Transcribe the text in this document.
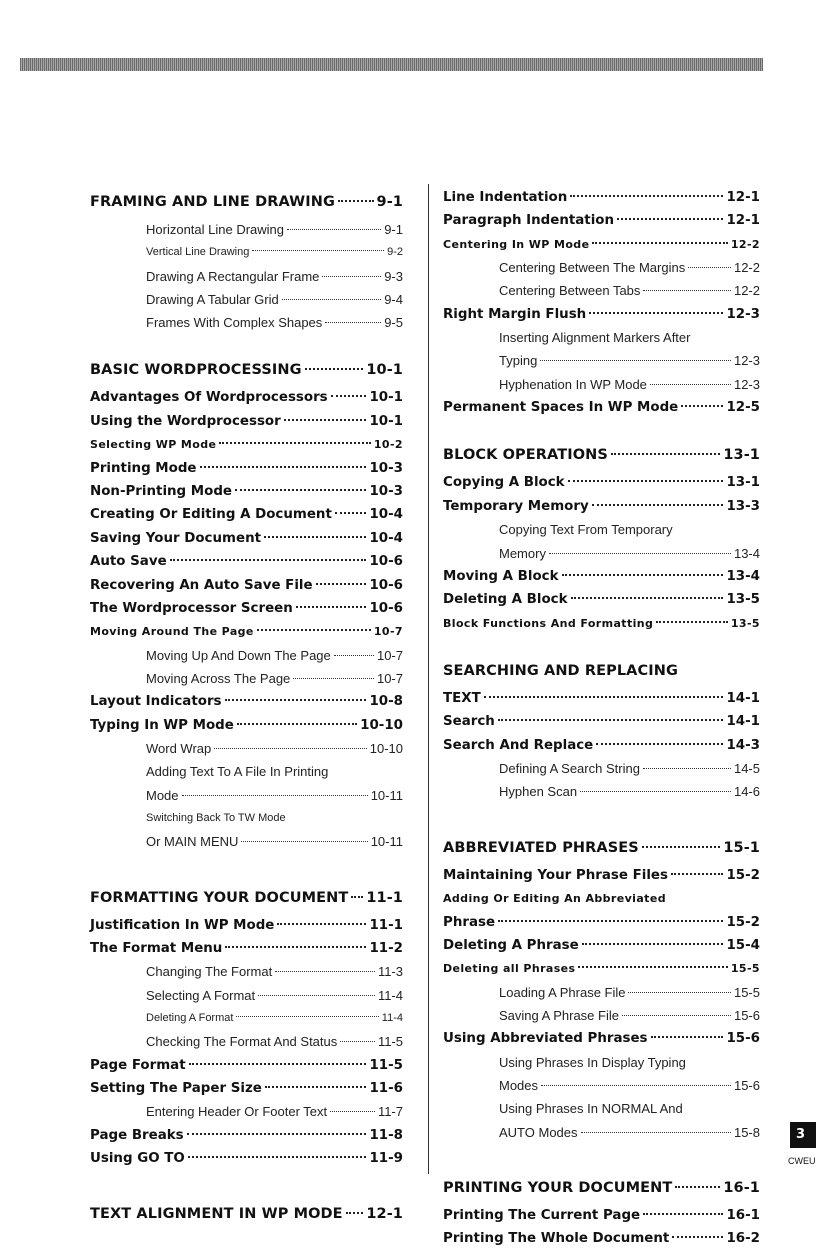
FRAMING AND LINE DRAWING	9-1
Horizontal Line Drawing	9-1
Vertical Line Drawing	9-2
Drawing A Rectangular Frame	9-3
Drawing A Tabular Grid	9-4
Frames With Complex Shapes	9-5
BASIC WORDPROCESSING	10-1
Advantages Of Wordprocessors	10-1
Using the Wordprocessor	10-1
Selecting WP Mode	10-2
Printing Mode	10-3
Non-Printing Mode	10-3
Creating Or Editing A Document	10-4
Saving Your Document	10-4
Auto Save	10-6
Recovering An Auto Save File	10-6
The Wordprocessor Screen	10-6
Moving Around The Page	10-7
Moving Up And Down The Page	10-7
Moving Across The Page	10-7
Layout Indicators	10-8
Typing In WP Mode	10-10
Word Wrap	10-10
Adding Text To A File In Printing
Mode	10-11
Switching Back To TW Mode
Or MAIN MENU	10-11
FORMATTING YOUR DOCUMENT 11-1
Justification In WP Mode	11-1
The Format Menu	11-2
Changing The Format	11-3
Selecting A Format	11-4
Deleting A Format	11-4
Checking The Format And Status	11-5
Page Format	11-5
Setting The Paper Size	11-6
Entering Header Or Footer Text	11-7
Page Breaks	11-8
Using GO TO	11-9
TEXT ALIGNMENT IN WP MODE 12-1
Line Indentation	12-1
Paragraph Indentation	12-1
Centering In WP Mode	12-2
Centering Between The Margins	12-2
Centering Between Tabs	12-2
Right Margin Flush	12-3
Inserting Alignment Markers After
Typing	12-3
Hyphenation In WP Mode	12-3
Permanent Spaces In WP Mode	12-5
BLOCK OPERATIONS	13-1
Copying A Block	13-1
Temporary Memory	13-3
Copying Text From Temporary
Memory	13-4
Moving A Block	13-4
Deleting A Block	13-5
Block Functions And Formatting	13-5
SEARCHING AND REPLACING
TEXT	14-1
Search	14-1
Search And Replace	14-3
Defining A Search String	14-5
Hyphen Scan	14-6
ABBREVIATED PHRASES	15-1
Maintaining Your Phrase Files	15-2
Adding Or Editing An Abbreviated
Phrase	15-2
Deleting A Phrase	15-4
Deleting all Phrases	15-5
Loading A Phrase File	15-5
Saving A Phrase File	15-6
Using Abbreviated Phrases	15-6
Using Phrases In Display Typing
Modes	15-6
Using Phrases In NORMAL And
AUTO Modes	15-8
PRINTING YOUR DOCUMENT	16-1
Printing The Current Page	16-1
Printing The Whole Document	16-2
3
CWEU
